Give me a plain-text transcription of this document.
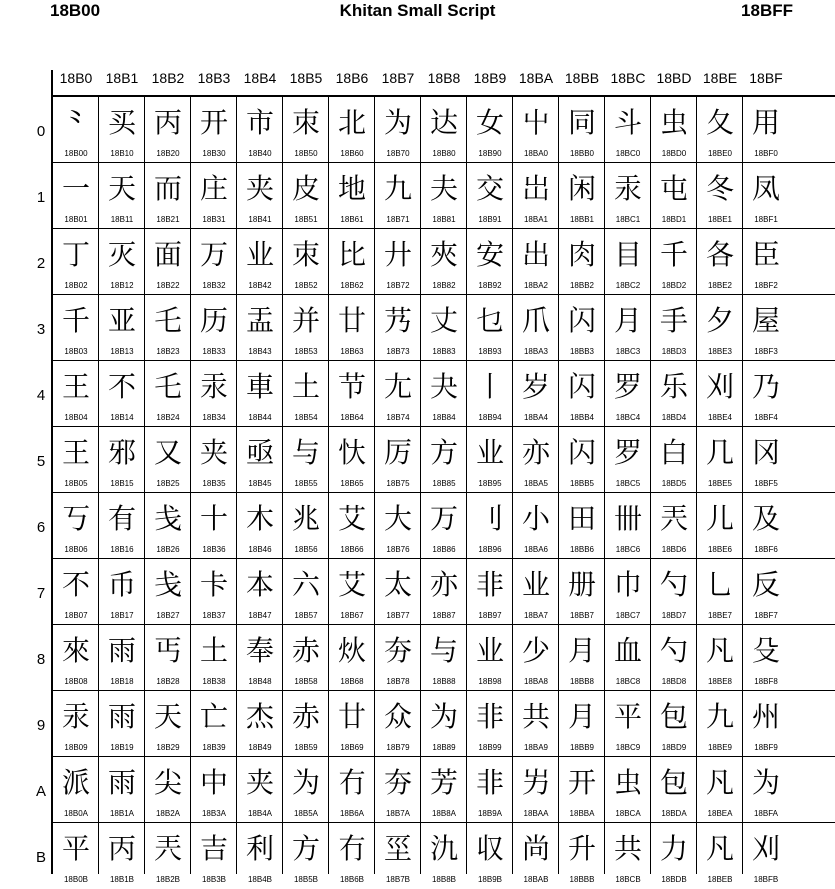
18B00	Khitan Small Script	18BFF
18B0 18B1 18B2 18B3 18B4 18B5 18B6 18B7 18B8 18B9 18BA 18BB 18BC 18BD 18BE 18BF
0 ⺀
18B00
买
18B10
丙
18B20
开
18B30
市
18B40
朿
18B50
北
18B60
为
18B70
达
18B80
女
18B90
屮
18BA0
同
18BB0
斗
18BC0
虫
18BD0
夂
18BE0
用
18BF0
1 一
18B01
天
18B11
而
18B21
庄
18B31
夹
18B41
皮
18B51
地
18B61
九
18B71
夫
18B81
交
18B91
岀
18BA1
闲
18BB1
汞
18BC1
屯
18BD1
冬
18BE1
凤
18BF1
2 丁
18B02
灭
18B12
面
18B22
万
18B32
业
18B42
朿
18B52
比
18B62
廾
18B72
夾
18B82
安
18B92
出
18BA2
肉
18BB2
目
18BC2
千
18BD2
各
18BE2
臣
18BF2
3 千
18B03
亚
18B13
乇
18B23
历
18B33
盂
18B43
并
18B53
廿
18B63
艿
18B73
丈
18B83
乜
18B93
爪
18BA3
闪
18BB3
月
18BC3
手
18BD3
夕
18BE3
屋
18BF3
4 王
18B04
不
18B14
乇
18B24
汞
18B34
車
18B44
土
18B54
节
18B64
尢
18B74
夬
18B84
丨
18B94
岁
18BA4
闪
18BB4
罗
18BC4
乐
18BD4
刈
18BE4
乃
18BF4
5 王
18B05
邪
18B15
又
18B25
夹
18B35
亟
18B45
与
18B55
忕
18B65
厉
18B75
方
18B85
业
18B95
亦
18BA5
闪
18BB5
罗
18BC5
白
18BD5
几
18BE5
冈
18BF5
6 丂
18B06
有
18B16
戋
18B26
十
18B36
木
18B46
兆
18B56
艾
18B66
大
18B76
万
18B86
刂
18B96
小
18BA6
田
18BB6
卌
18BC6
兲
18BD6
儿
18BE6
及
18BF6
7 不
18B07
币
18B17
戋
18B27
卡
18B37
本
18B47
六
18B57
艾
18B67
太
18B77
亦
18B87
非
18B97
业
18BA7
册
18BB7
巾
18BC7
勺
18BD7
乚
18BE7
反
18BF7
8 來
18B08
雨
18B18
丐
18B28
土
18B38
奉
18B48
赤
18B58
炏
18B68
夯
18B78
与
18B88
业
18B98
少
18BA8
月
18BB8
血
18BC8
勺
18BD8
凡
18BE8
殳
18BF8
9 汞
18B09
雨
18B19
天
18B29
亡
18B39
杰
18B49
赤
18B59
廿
18B69
众
18B79
为
18B89
非
18B99
共
18BA9
月
18BB9
平
18BC9
包
18BD9
九
18BE9
州
18BF9
A 派
18B0A
雨
18B1A
尖
18B2A
中
18B3A
夹
18B4A
为
18B5A
冇
18B6A
夯
18B7A
芳
18B8A
非
18B9A
屴
18BAA
开
18BBA
虫
18BCA
包
18BDA
凡
18BEA
为
18BFA
B 平
18B0B
丙
18B1B
兲
18B2B
吉
18B3B
利
18B4B
方
18B5B
冇
18B6B
坙
18B7B
氿
18B8B
収
18B9B
尚
18BAB
升
18BBB
共
18BCB
力
18BDB
凡
18BEB
刈
18BFB
